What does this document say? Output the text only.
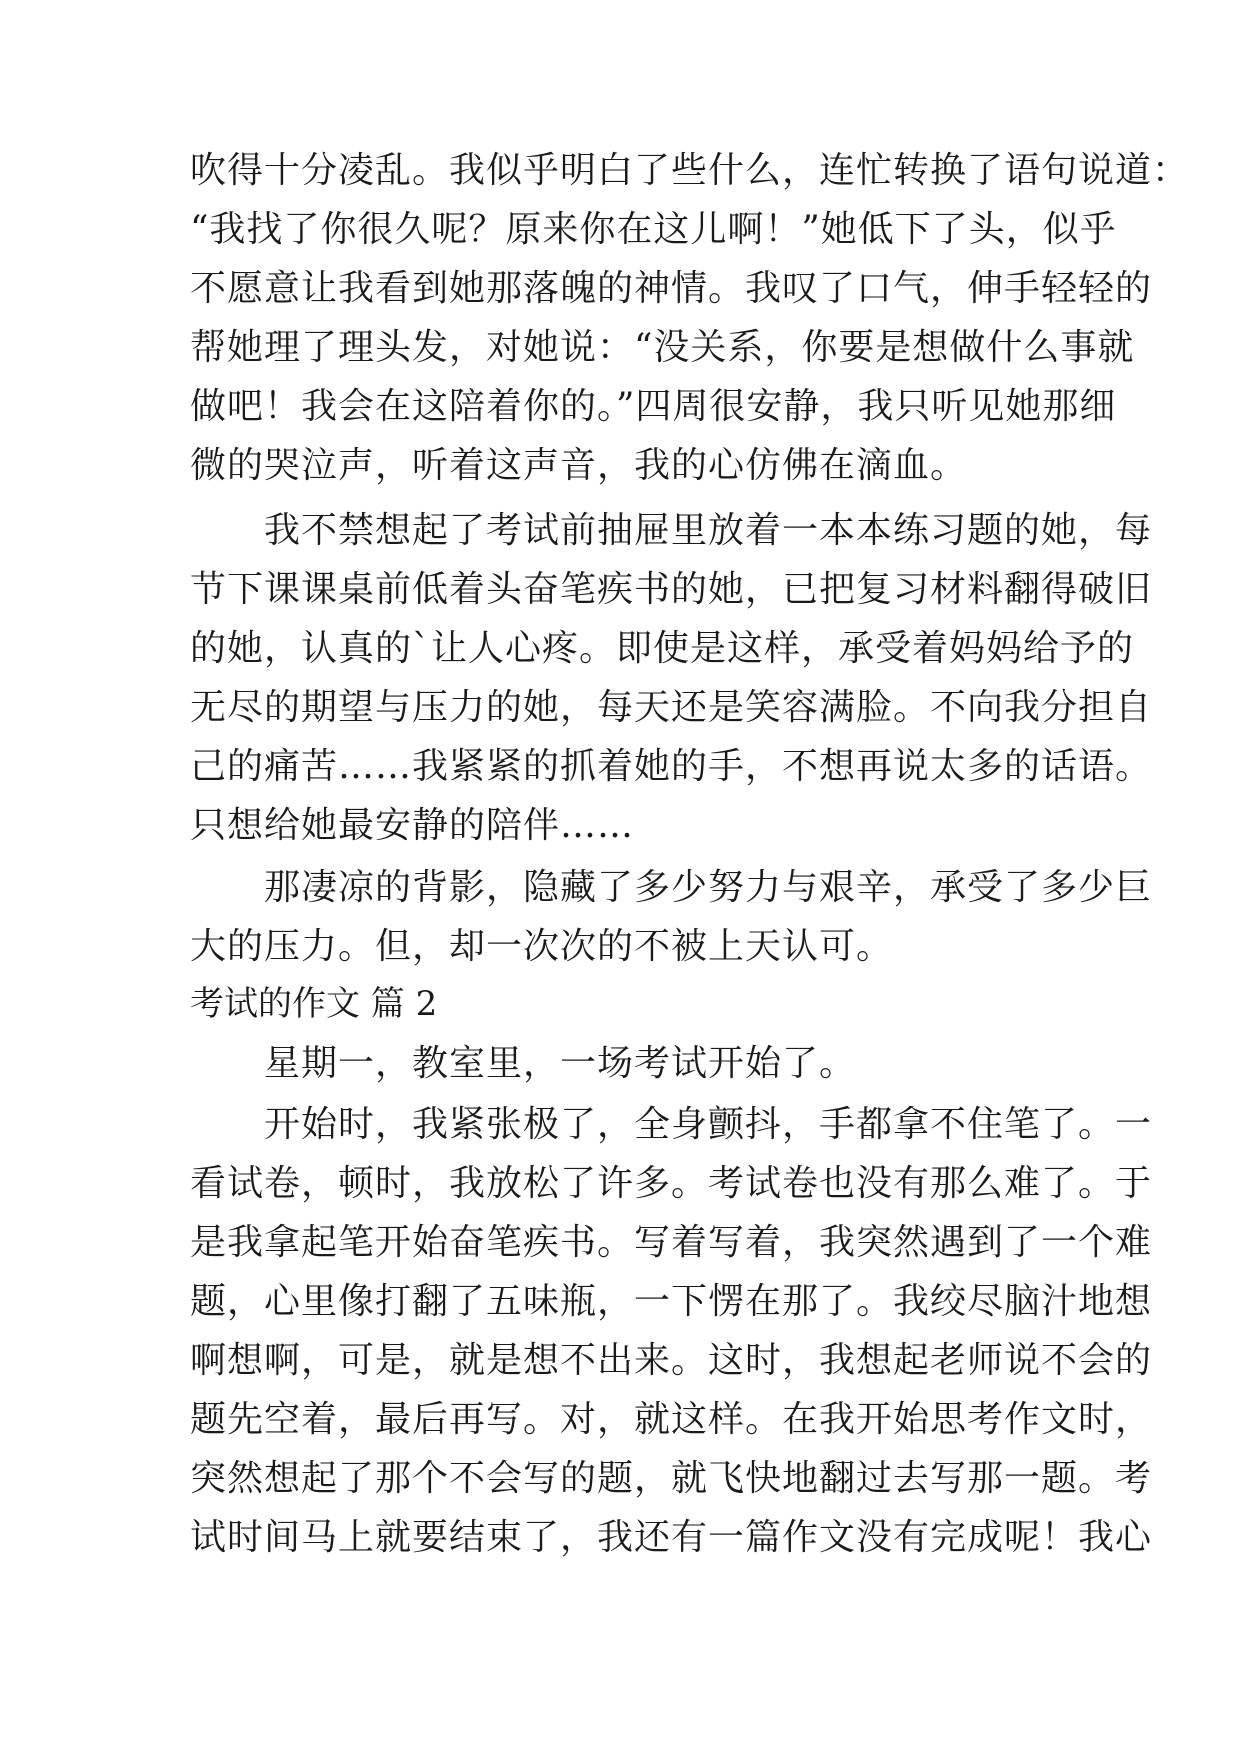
吹得十分凌乱。我似乎明白了些什么，连忙转换了语句说道：
“我找了你很久呢？原来你在这儿啊！”她低下了头，似乎
不愿意让我看到她那落魄的神情。我叹了口气，伸手轻轻的
帮她理了理头发，对她说：“没关系，你要是想做什么事就
做吧！我会在这陪着你的。”四周很安静，我只听见她那细
微的哭泣声，听着这声音，我的心仿佛在滴血。
　　我不禁想起了考试前抽屉里放着一本本练习题的她，每
节下课课桌前低着头奋笔疾书的她，已把复习材料翻得破旧
的她，认真的`让人心疼。即使是这样，承受着妈妈给予的
无尽的期望与压力的她，每天还是笑容满脸。不向我分担自
己的痛苦……我紧紧的抓着她的手，不想再说太多的话语。
只想给她最安静的陪伴……
　　那凄凉的背影，隐藏了多少努力与艰辛，承受了多少巨
大的压力。但，却一次次的不被上天认可。
考试的作文 篇 2
　　星期一，教室里，一场考试开始了。
　　开始时，我紧张极了，全身颤抖，手都拿不住笔了。一
看试卷，顿时，我放松了许多。考试卷也没有那么难了。于
是我拿起笔开始奋笔疾书。写着写着，我突然遇到了一个难
题，心里像打翻了五味瓶，一下愣在那了。我绞尽脑汁地想
啊想啊，可是，就是想不出来。这时，我想起老师说不会的
题先空着，最后再写。对，就这样。在我开始思考作文时，
突然想起了那个不会写的题，就飞快地翻过去写那一题。考
试时间马上就要结束了，我还有一篇作文没有完成呢！我心
